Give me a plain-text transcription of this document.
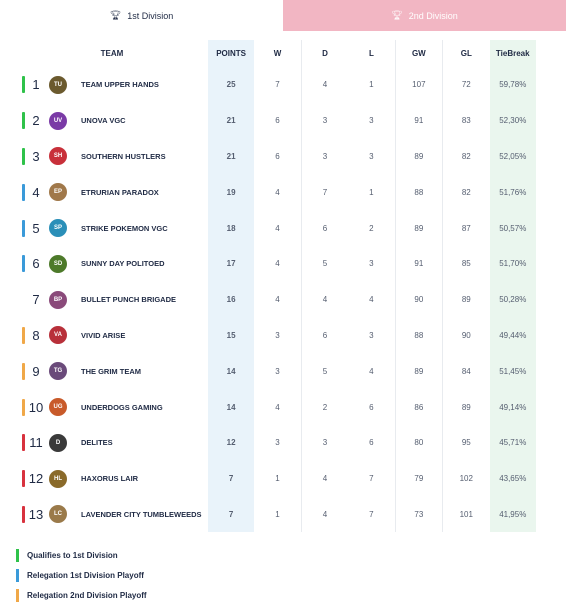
🏆︎ 1st Division	🏆︎ 2nd Division
TEAM	POINTS	W	D	L	GW	GL	TieBreak

1 TU TEAM UPPER HANDS	25	7	4	1	107	72	59,78%

2 UV UNOVA VGC	21	6	3	3	91	83	52,30%

3 SH SOUTHERN HUSTLERS	21	6	3	3	89	82	52,05%

4 EP ETRURIAN PARADOX	19	4	7	1	88	82	51,76%

5 SP STRIKE POKEMON VGC	18	4	6	2	89	87	50,57%

6 SD SUNNY DAY POLITOED	17	4	5	3	91	85	51,70%

7 BP BULLET PUNCH BRIGADE	16	4	4	4	90	89	50,28%

8 VA VIVID ARISE	15	3	6	3	88	90	49,44%

9 TG THE GRIM TEAM	14	3	5	4	89	84	51,45%

10 UG UNDERDOGS GAMING	14	4	2	6	86	89	49,14%

11 D DELITES	12	3	3	6	80	95	45,71%

12 HL HAXORUS LAIR	7	1	4	7	79	102	43,65%

13 LC LAVENDER CITY TUMBLEWEEDS	7	1	4	7	73	101	41,95%
Qualifies to 1st Division
Relegation 1st Division Playoff
Relegation 2nd Division Playoff
